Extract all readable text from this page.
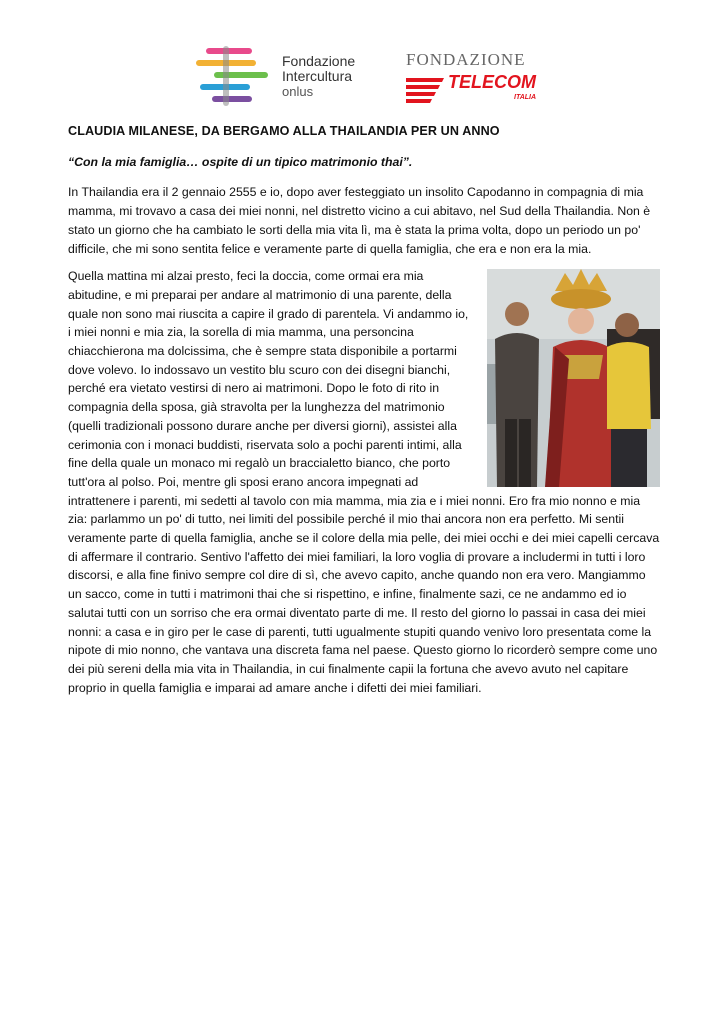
Fondazione
Intercultura
onlus
FONDAZIONE
TELECOM
ITALIA
CLAUDIA MILANESE, DA BERGAMO ALLA THAILANDIA PER UN ANNO
“Con la mia famiglia… ospite di un tipico matrimonio thai”.

In Thailandia era il 2 gennaio 2555 e io, dopo aver festeggiato un insolito Capodanno in compagnia di mia mamma, mi trovavo a casa dei miei nonni, nel distretto vicino a cui abitavo, nel Sud della Thailandia. Non è stato un giorno che ha cambiato le sorti della mia vita lì, ma è stata la prima volta, dopo un periodo un po' difficile, che mi sono sentita felice e veramente parte di quella famiglia, che era e non era la mia.

Quella mattina mi alzai presto, feci la doccia, come ormai era mia abitudine, e mi preparai per andare al matrimonio di una parente, della quale non sono mai riuscita a capire il grado di parentela. Vi andammo io, i miei nonni e mia zia, la sorella di mia mamma, una personcina chiacchierona ma dolcissima, che è sempre stata disponibile a portarmi dove volevo. Io indossavo un vestito blu scuro con dei disegni bianchi, perché era vietato vestirsi di nero ai matrimoni. Dopo le foto di rito in compagnia della sposa, già stravolta per la lunghezza del matrimonio (quelli tradizionali possono durare anche per diversi giorni), assistei alla cerimonia con i monaci buddisti, riservata solo a pochi parenti intimi, alla fine della quale un monaco mi regalò un braccialetto bianco, che porto tutt'ora al polso. Poi, mentre gli sposi erano ancora impegnati ad intrattenere i parenti, mi sedetti al tavolo con mia mamma, mia zia e i miei nonni. Ero fra mio nonno e mia zia: parlammo un po' di tutto, nei limiti del possibile perché il mio thai ancora non era perfetto. Mi sentii veramente parte di quella famiglia, anche se il colore della mia pelle, dei miei occhi e dei miei capelli cercava di affermare il contrario. Sentivo l'affetto dei miei familiari, la loro voglia di provare a includermi in tutti i loro discorsi, e alla fine finivo sempre col dire di sì, che avevo capito, anche quando non era vero. Mangiammo un sacco, come in tutti i matrimoni thai che si rispettino, e infine, finalmente sazi, ce ne andammo ed io salutai tutti con un sorriso che era ormai diventato parte di me. Il resto del giorno lo passai in casa dei miei nonni: a casa e in giro per le case di parenti, tutti ugualmente stupiti quando venivo loro presentata come la nipote di mio nonno, che vantava una discreta fama nel paese. Questo giorno lo ricorderò sempre come uno dei più sereni della mia vita in Thailandia, in cui finalmente capii la fortuna che avevo avuto nel capitare proprio in quella famiglia e imparai ad amare anche i difetti dei miei familiari.
